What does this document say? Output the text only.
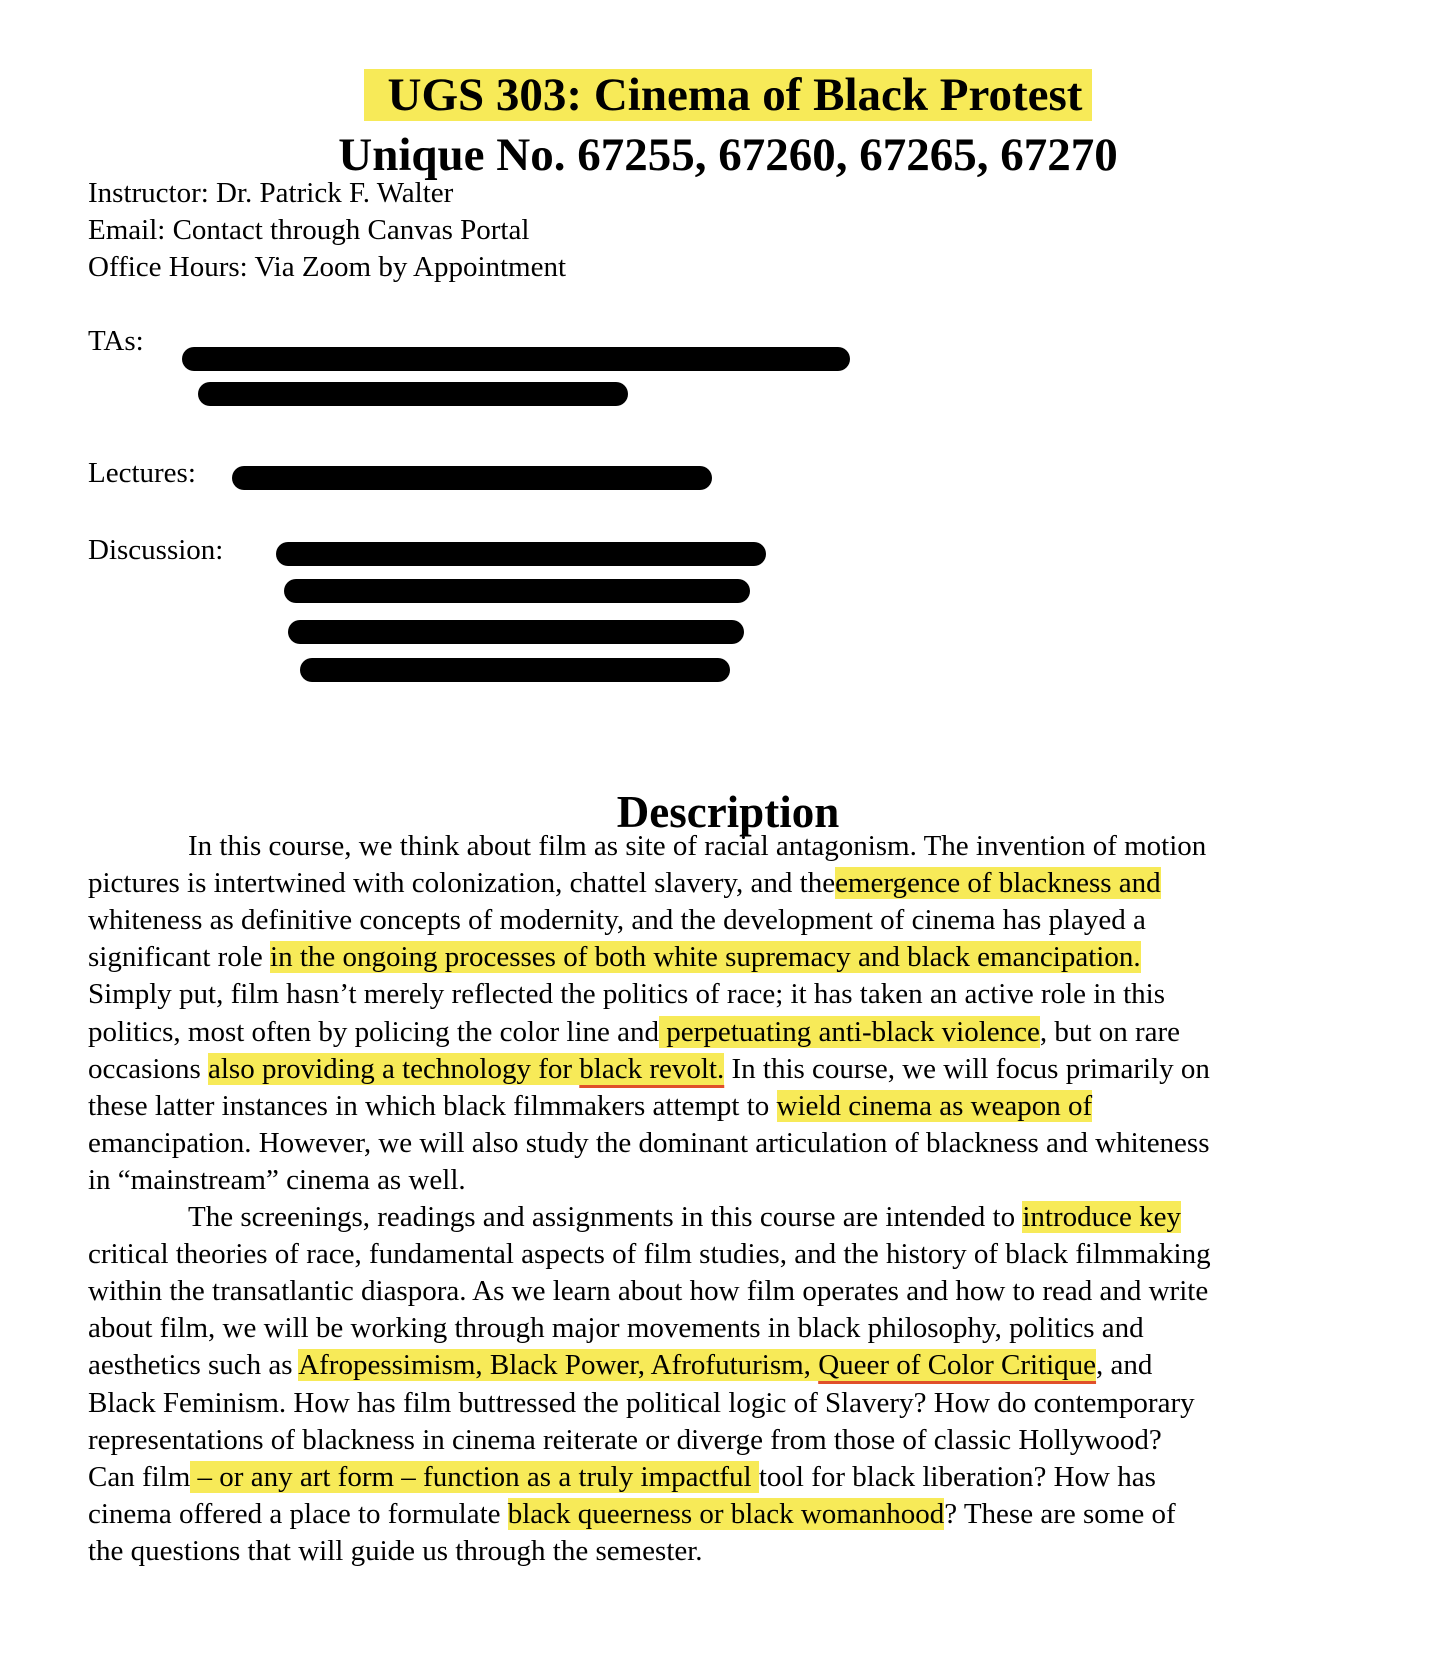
UGS 303: Cinema of Black Protest
Unique No. 67255, 67260, 67265, 67270
Instructor: Dr. Patrick F. Walter
Email: Contact through Canvas Portal
Office Hours: Via Zoom by Appointment
TAs:
Lectures:
Discussion:
Description
In this course, we think about film as site of racial antagonism. The invention of motion
pictures is intertwined with colonization, chattel slavery, and theemergence of blackness and
whiteness as definitive concepts of modernity, and the development of cinema has played a
significant role in the ongoing processes of both white supremacy and black emancipation.
Simply put, film hasn’t merely reflected the politics of race; it has taken an active role in this
politics, most often by policing the color line and perpetuating anti-black violence, but on rare
occasions also providing a technology for black revolt. In this course, we will focus primarily on
these latter instances in which black filmmakers attempt to wield cinema as weapon of
emancipation. However, we will also study the dominant articulation of blackness and whiteness
in “mainstream” cinema as well.
The screenings, readings and assignments in this course are intended to introduce key
critical theories of race, fundamental aspects of film studies, and the history of black filmmaking
within the transatlantic diaspora. As we learn about how film operates and how to read and write
about film, we will be working through major movements in black philosophy, politics and
aesthetics such as Afropessimism, Black Power, Afrofuturism, Queer of Color Critique, and
Black Feminism. How has film buttressed the political logic of Slavery? How do contemporary
representations of blackness in cinema reiterate or diverge from those of classic Hollywood?
Can film – or any art form – function as a truly impactful tool for black liberation? How has
cinema offered a place to formulate black queerness or black womanhood? These are some of
the questions that will guide us through the semester.
